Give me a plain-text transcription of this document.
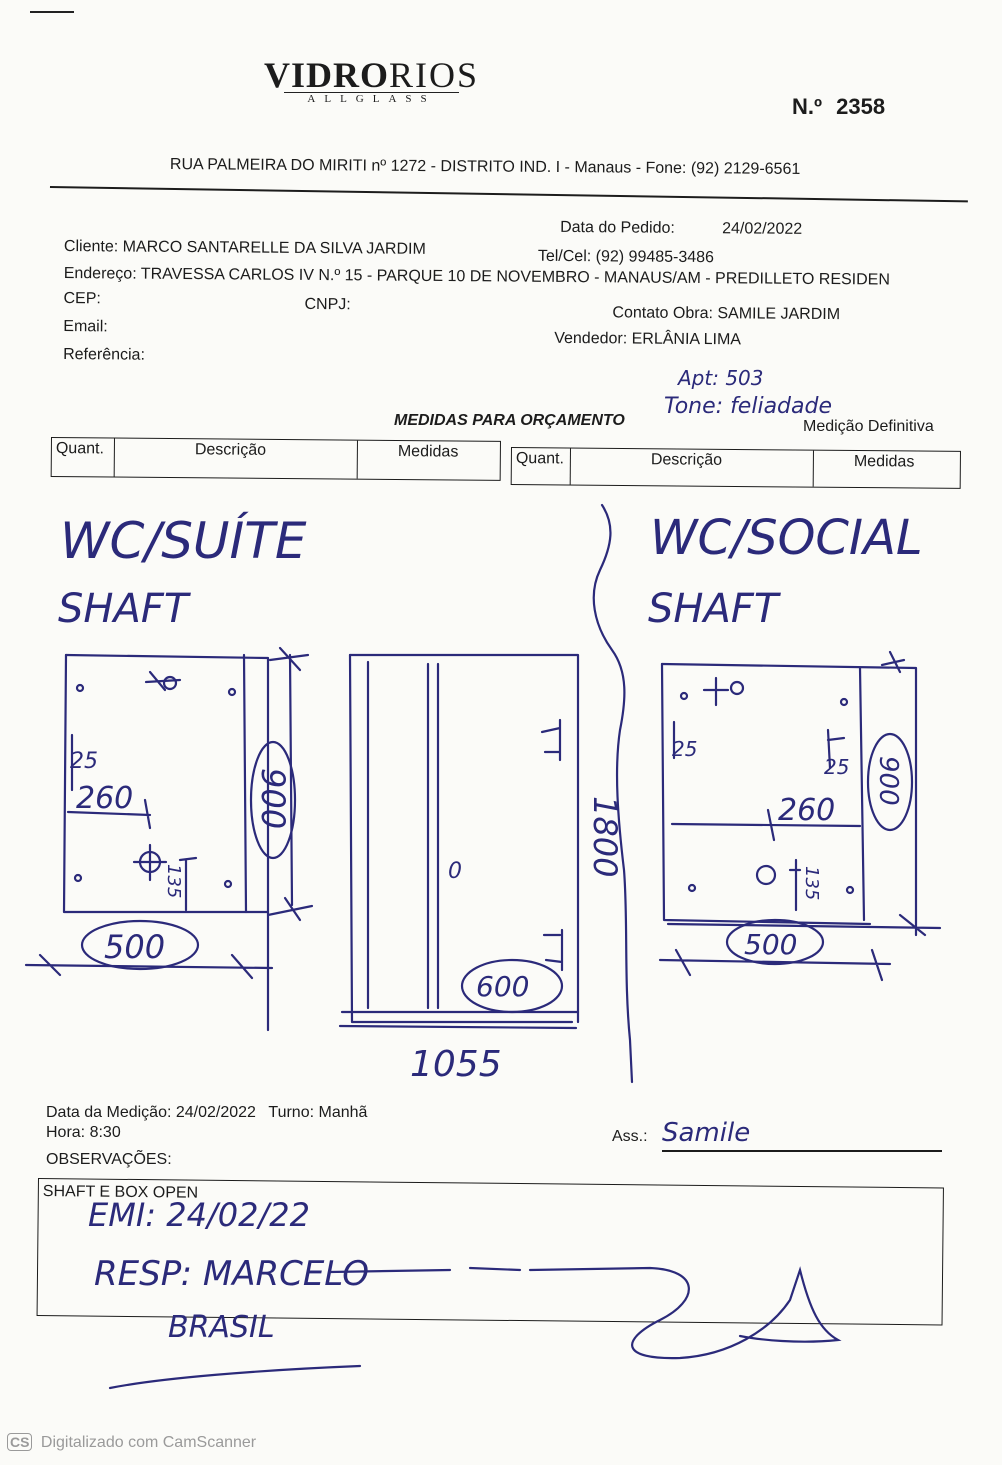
VIDRORIOS
ALLGLASS	N.º 2358
RUA PALMEIRA DO MIRITI nº 1272 - DISTRITO IND. I - Manaus - Fone: (92) 2129-6561
Data do Pedido:	24/02/2022
Cliente: MARCO SANTARELLE DA SILVA JARDIM	Tel/Cel: (92) 99485-3486
Endereço: TRAVESSA CARLOS IV N.º 15 - PARQUE 10 DE NOVEMBRO - MANAUS/AM - PREDILLETO RESIDEN
CEP:	CNPJ:	Contato Obra: SAMILE JARDIM
Email:
Vendedor: ERLÂNIA LIMA
Referência:
Apt: 503
Tone: feliadade
MEDIDAS PARA ORÇAMENTO	Medição Definitiva
Quant.	Descrição	Medidas	Quant.	Descrição	Medidas
WC/SUÍTE
SHAFT
WC/SOCIAL
SHAFT
25
260	900
135
500
1800
600
1055
0
25
25
260
900
135
500
Data da Medição: 24/02/2022 Turno: Manhã
Hora: 8:30	Ass.: Samile
OBSERVAÇÕES:
SHAFT E BOX OPEN
EMI: 24/02/22
RESP: MARCELO
BRASIL
CS Digitalizado com CamScanner
